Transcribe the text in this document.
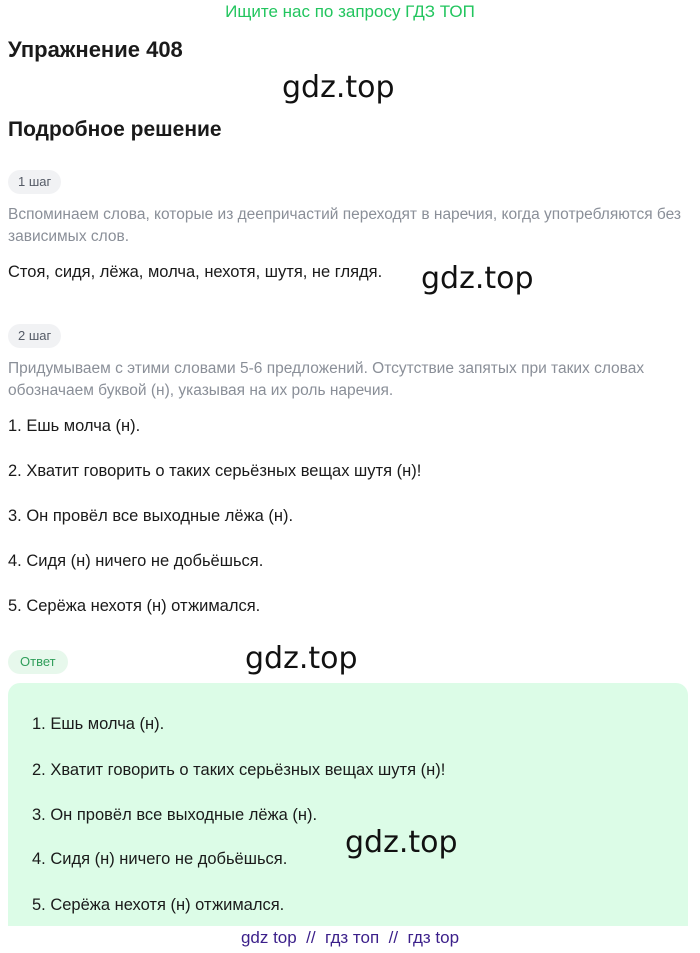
Ищите нас по запросу ГДЗ ТОП
Упражнение 408
gdz.top
Подробное решение
1 шаг
Вспоминаем слова, которые из деепричастий переходят в наречия, когда употребляются без зависимых слов.
Стоя, сидя, лёжа, молча, нехотя, шутя, не глядя. gdz.top
2 шаг
Придумываем с этими словами 5-6 предложений. Отсутствие запятых при таких словах обозначаем буквой (н), указывая на их роль наречия.
1. Ешь молча (н).
2. Хватит говорить о таких серьёзных вещах шутя (н)!
3. Он провёл все выходные лёжа (н).
4. Сидя (н) ничего не добьёшься.
5. Серёжа нехотя (н) отжимался.
Ответ	gdz.top
1. Ешь молча (н).
2. Хватит говорить о таких серьёзных вещах шутя (н)!
3. Он провёл все выходные лёжа (н).
4. Сидя (н) ничего не добьёшься.
5. Серёжа нехотя (н) отжимался.
gdz.top
gdz top  //  гдз топ  //  гдз top
